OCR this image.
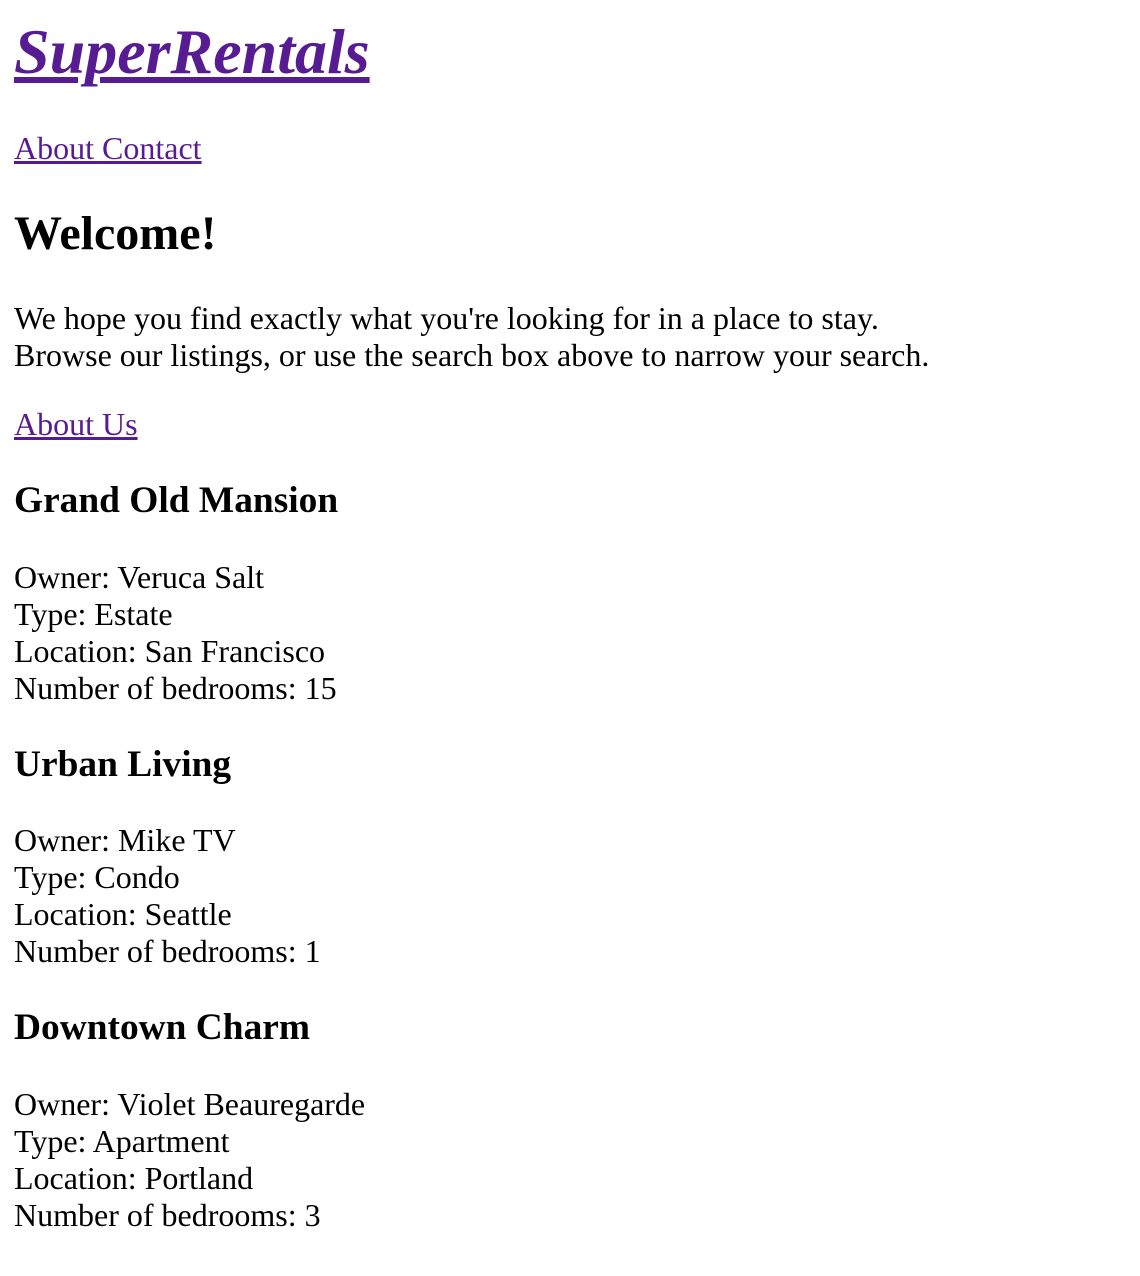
SuperRentals
About Contact
Welcome!

We hope you find exactly what you're looking for in a place to stay.
Browse our listings, or use the search box above to narrow your search.

About Us
Grand Old Mansion
Owner: Veruca Salt
Type: Estate
Location: San Francisco
Number of bedrooms: 15
Urban Living
Owner: Mike TV
Type: Condo
Location: Seattle
Number of bedrooms: 1
Downtown Charm
Owner: Violet Beauregarde
Type: Apartment
Location: Portland
Number of bedrooms: 3
